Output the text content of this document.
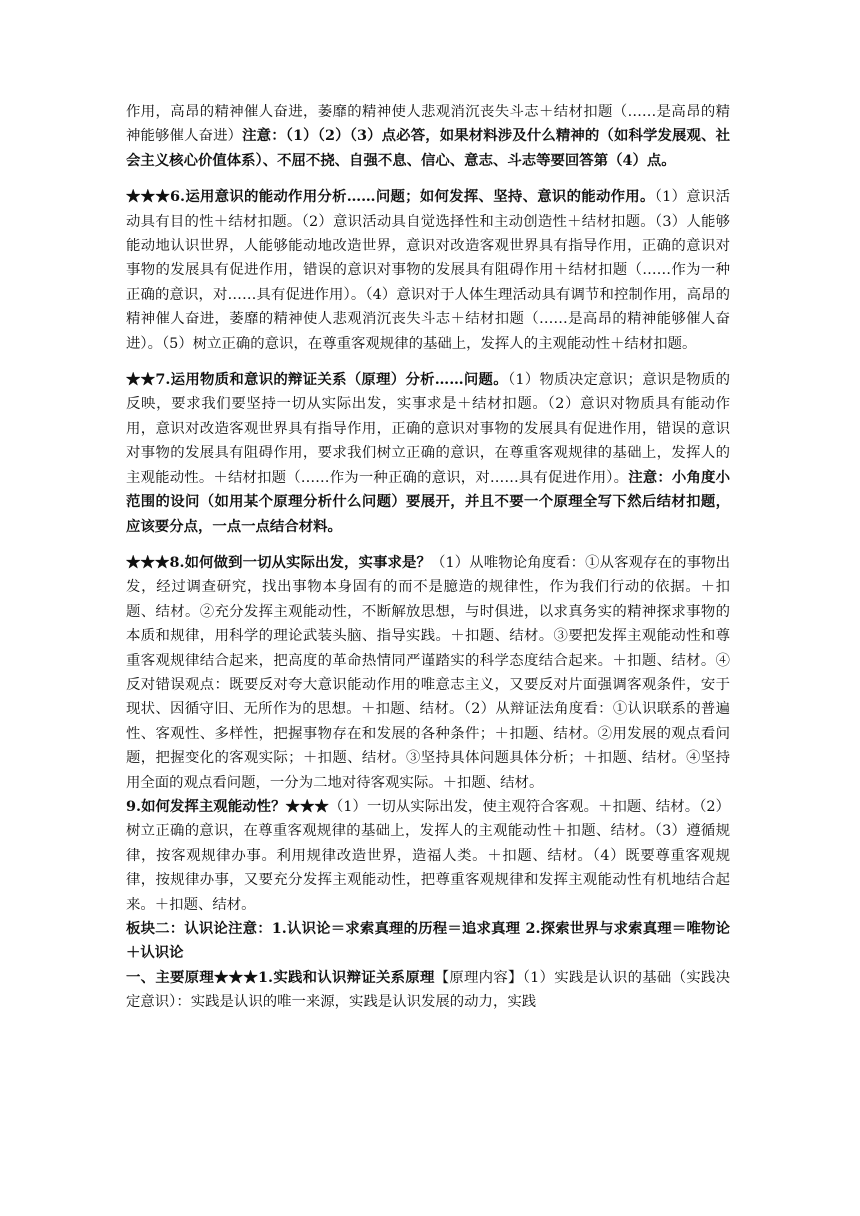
作用，高昂的精神催人奋进，萎靡的精神使人悲观消沉丧失斗志＋结材扣题（……是高昂的精神能够催人奋进）注意：（1）（2）（3）点必答，如果材料涉及什么精神的（如科学发展观、社会主义核心价值体系）、不屈不挠、自强不息、信心、意志、斗志等要回答第（4）点。

★★★6.运用意识的能动作用分析……问题；如何发挥、坚持、意识的能动作用。（1）意识活动具有目的性＋结材扣题。（2）意识活动具自觉选择性和主动创造性＋结材扣题。（3）人能够能动地认识世界，人能够能动地改造世界，意识对改造客观世界具有指导作用，正确的意识对事物的发展具有促进作用，错误的意识对事物的发展具有阻碍作用＋结材扣题（……作为一种正确的意识，对……具有促进作用）。（4）意识对于人体生理活动具有调节和控制作用，高昂的精神催人奋进，萎靡的精神使人悲观消沉丧失斗志＋结材扣题（……是高昂的精神能够催人奋进）。（5）树立正确的意识，在尊重客观规律的基础上，发挥人的主观能动性＋结材扣题。

★★7.运用物质和意识的辩证关系（原理）分析……问题。（1）物质决定意识；意识是物质的反映，要求我们要坚持一切从实际出发，实事求是＋结材扣题。（2）意识对物质具有能动作用，意识对改造客观世界具有指导作用，正确的意识对事物的发展具有促进作用，错误的意识对事物的发展具有阻碍作用，要求我们树立正确的意识，在尊重客观规律的基础上，发挥人的主观能动性。＋结材扣题（……作为一种正确的意识，对……具有促进作用）。注意：小角度小范围的设问（如用某个原理分析什么问题）要展开，并且不要一个原理全写下然后结材扣题，应该要分点，一点一点结合材料。

★★★8.如何做到一切从实际出发，实事求是？（1）从唯物论角度看：①从客观存在的事物出发，经过调查研究，找出事物本身固有的而不是臆造的规律性，作为我们行动的依据。＋扣题、结材。②充分发挥主观能动性，不断解放思想，与时俱进，以求真务实的精神探求事物的本质和规律，用科学的理论武装头脑、指导实践。＋扣题、结材。③要把发挥主观能动性和尊重客观规律结合起来，把高度的革命热情同严谨踏实的科学态度结合起来。＋扣题、结材。④反对错误观点：既要反对夸大意识能动作用的唯意志主义，又要反对片面强调客观条件，安于现状、因循守旧、无所作为的思想。＋扣题、结材。（2）从辩证法角度看：①认识联系的普遍性、客观性、多样性，把握事物存在和发展的各种条件；＋扣题、结材。②用发展的观点看问题，把握变化的客观实际；＋扣题、结材。③坚持具体问题具体分析；＋扣题、结材。④坚持用全面的观点看问题，一分为二地对待客观实际。＋扣题、结材。

9.如何发挥主观能动性？★★★（1）一切从实际出发，使主观符合客观。＋扣题、结材。（2）树立正确的意识，在尊重客观规律的基础上，发挥人的主观能动性＋扣题、结材。（3）遵循规律，按客观规律办事。利用规律改造世界，造福人类。＋扣题、结材。（4）既要尊重客观规律，按规律办事，又要充分发挥主观能动性，把尊重客观规律和发挥主观能动性有机地结合起来。＋扣题、结材。

板块二：认识论注意：1.认识论＝求索真理的历程＝追求真理 2.探索世界与求索真理＝唯物论＋认识论

一、主要原理★★★1.实践和认识辩证关系原理【原理内容】（1）实践是认识的基础（实践决定意识）：实践是认识的唯一来源，实践是认识发展的动力，实践
